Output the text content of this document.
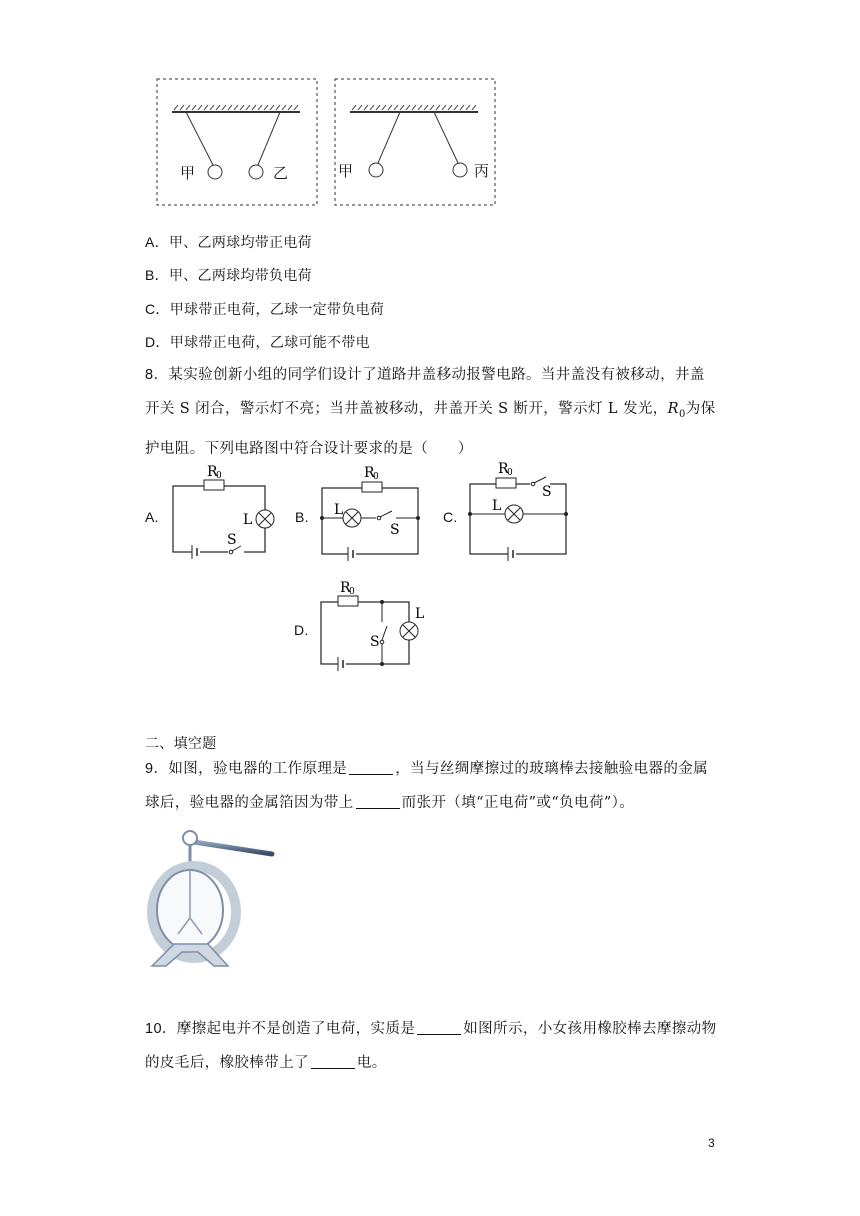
甲	乙	甲	丙
A．甲、乙两球均带正电荷
B．甲、乙两球均带负电荷
C．甲球带正电荷，乙球一定带负电荷
D．甲球带正电荷，乙球可能不带电
8．某实验创新小组的同学们设计了道路井盖移动报警电路。当井盖没有被移动，井盖
开关 S 闭合，警示灯不亮；当井盖被移动，井盖开关 S 断开，警示灯 L 发光，$R_0$为保
护电阻。下列电路图中符合设计要求的是（　　）
A.
R
0
L
S
B.
R
0
L
S
C.
R
0
S
L
D.
R
0
S
L
二、填空题
9．如图，验电器的工作原理是	，当与丝绸摩擦过的玻璃棒去接触验电器的金属
球后，验电器的金属箔因为带上	而张开（填“正电荷”或“负电荷”）。
10．摩擦起电并不是创造了电荷，实质是	如图所示，小女孩用橡胶棒去摩擦动物
的皮毛后，橡胶棒带上了	电。
3
